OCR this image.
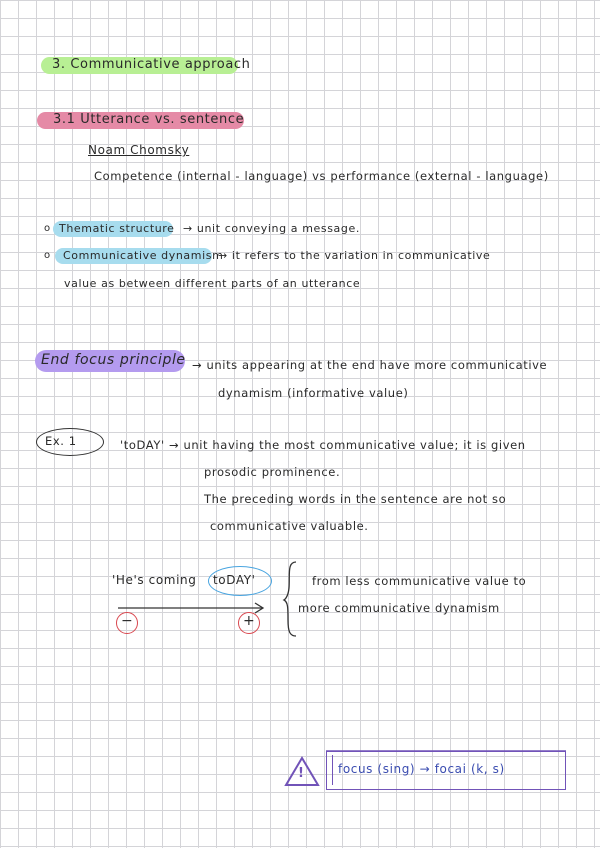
3. Communicative approach
3.1 Utterance vs. sentence
Noam Chomsky
Competence (internal - language) vs performance (external - language)
o Thematic structure → unit conveying a message.
o Communicative dynamism
→ it refers to the variation in communicative
value as between different parts of an utterance
End focus principle → units appearing at the end have more communicative
dynamism (informative value)
Ex. 1	'toDAY' → unit having the most communicative value; it is given
prosodic prominence.
The preceding words in the sentence are not so
communicative valuable.
'He's coming toDAY'
−	+
from less communicative value to
more communicative dynamism
!	focus (sing) → focai (k, s)
